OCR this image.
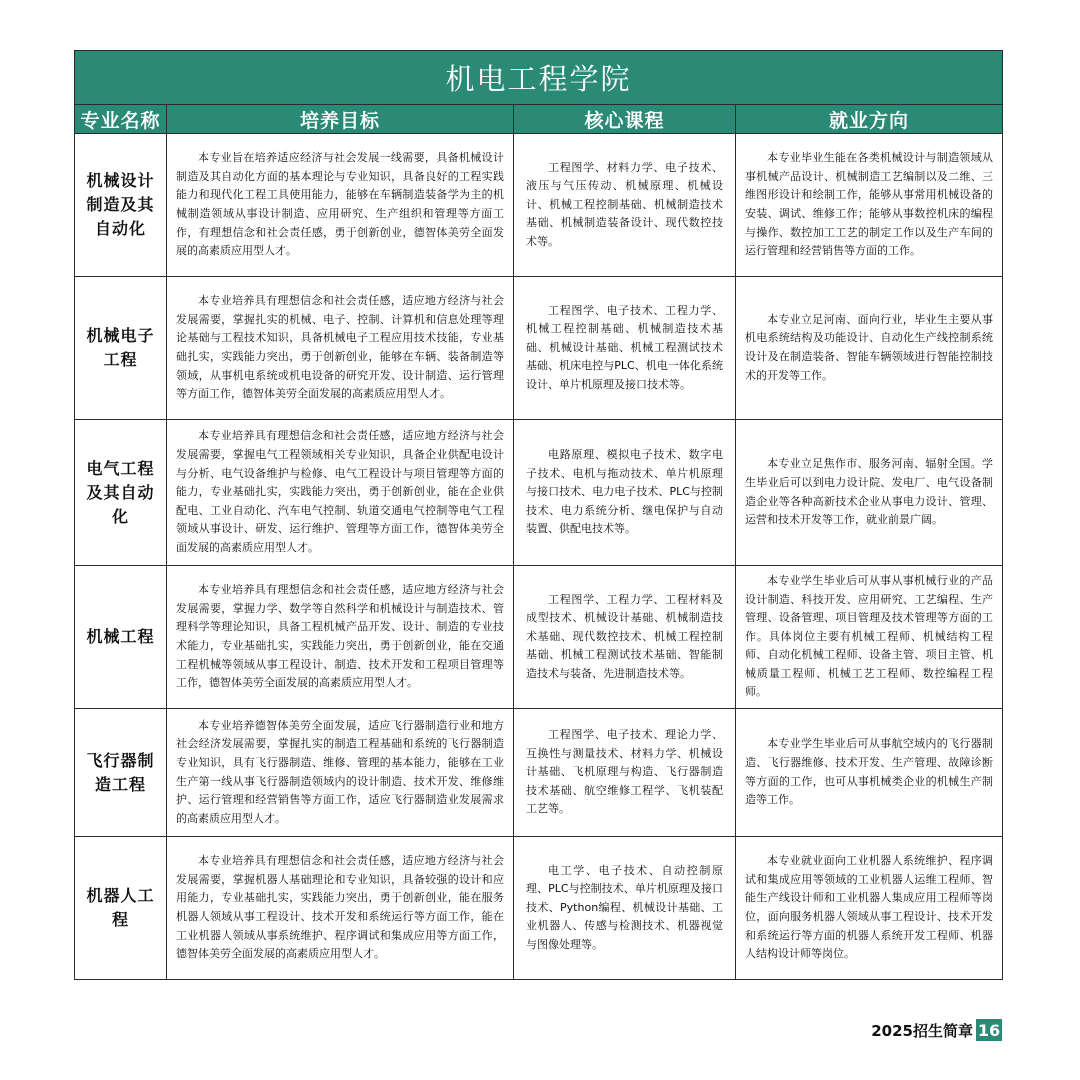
机电工程学院			
专业名称	培养目标	核心课程	就业方向
机械设计制造及其自动化	本专业旨在培养适应经济与社会发展一线需要，具备机械设计制造及其自动化方面的基本理论与专业知识，具备良好的工程实践能力和现代化工程工具使用能力，能够在车辆制造装备学为主的机械制造领域从事设计制造、应用研究、生产组织和管理等方面工作，有理想信念和社会责任感，勇于创新创业，德智体美劳全面发展的高素质应用型人才。	工程图学、材料力学、电子技术、液压与气压传动、机械原理、机械设计、机械工程控制基础、机械制造技术基础、机械制造装备设计、现代数控技术等。	本专业毕业生能在各类机械设计与制造领域从事机械产品设计、机械制造工艺编制以及二维、三维图形设计和绘制工作，能够从事常用机械设备的安装、调试、维修工作；能够从事数控机床的编程与操作、数控加工工艺的制定工作以及生产车间的运行管理和经营销售等方面的工作。

机械电子工程	本专业培养具有理想信念和社会责任感，适应地方经济与社会发展需要，掌握扎实的机械、电子、控制、计算机和信息处理等理论基础与工程技术知识，具备机械电子工程应用技术技能，专业基础扎实，实践能力突出，勇于创新创业，能够在车辆、装备制造等领域，从事机电系统或机电设备的研究开发、设计制造、运行管理等方面工作，德智体美劳全面发展的高素质应用型人才。	工程图学、电子技术、工程力学、机械工程控制基础、机械制造技术基础、机械设计基础、机械工程测试技术基础、机床电控与PLC、机电一体化系统设计、单片机原理及接口技术等。	本专业立足河南、面向行业，毕业生主要从事机电系统结构及功能设计、自动化生产线控制系统设计及在制造装备、智能车辆领域进行智能控制技术的开发等工作。

电气工程及其自动化	本专业培养具有理想信念和社会责任感，适应地方经济与社会发展需要，掌握电气工程领域相关专业知识，具备企业供配电设计与分析、电气设备维护与检修、电气工程设计与项目管理等方面的能力，专业基础扎实，实践能力突出，勇于创新创业，能在企业供配电、工业自动化、汽车电气控制、轨道交通电气控制等电气工程领域从事设计、研发、运行维护、管理等方面工作，德智体美劳全面发展的高素质应用型人才。	电路原理、模拟电子技术、数字电子技术、电机与拖动技术、单片机原理与接口技术、电力电子技术、PLC与控制技术、电力系统分析、继电保护与自动装置、供配电技术等。	本专业立足焦作市、服务河南、辐射全国。学生毕业后可以到电力设计院、发电厂、电气设备制造企业等各种高新技术企业从事电力设计、管理、运营和技术开发等工作，就业前景广阔。

机械工程	本专业培养具有理想信念和社会责任感，适应地方经济与社会发展需要，掌握力学、数学等自然科学和机械设计与制造技术、管理科学等理论知识，具备工程机械产品开发、设计、制造的专业技术能力，专业基础扎实，实践能力突出，勇于创新创业，能在交通工程机械等领域从事工程设计、制造、技术开发和工程项目管理等工作，德智体美劳全面发展的高素质应用型人才。	工程图学、工程力学、工程材料及成型技术、机械设计基础、机械制造技术基础、现代数控技术、机械工程控制基础、机械工程测试技术基础、智能制造技术与装备、先进制造技术等。	本专业学生毕业后可从事从事机械行业的产品设计制造、科技开发、应用研究、工艺编程、生产管理、设备管理、项目管理及技术管理等方面的工作。具体岗位主要有机械工程师、机械结构工程师、自动化机械工程师、设备主管、项目主管、机械质量工程师、机械工艺工程师、数控编程工程师。

飞行器制造工程	本专业培养德智体美劳全面发展，适应飞行器制造行业和地方社会经济发展需要，掌握扎实的制造工程基础和系统的飞行器制造专业知识，具有飞行器制造、维修、管理的基本能力，能够在工业生产第一线从事飞行器制造领域内的设计制造、技术开发、维修维护、运行管理和经营销售等方面工作，适应飞行器制造业发展需求的高素质应用型人才。	工程图学、电子技术、理论力学、互换性与测量技术、材料力学、机械设计基础、飞机原理与构造、飞行器制造技术基础、航空维修工程学、飞机装配工艺等。	本专业学生毕业后可从事航空域内的飞行器制造、飞行器维修、技术开发、生产管理、故障诊断等方面的工作，也可从事机械类企业的机械生产制造等工作。

机器人工程	本专业培养具有理想信念和社会责任感，适应地方经济与社会发展需要，掌握机器人基础理论和专业知识，具备较强的设计和应用能力，专业基础扎实，实践能力突出，勇于创新创业，能在服务机器人领域从事工程设计、技术开发和系统运行等方面工作，能在工业机器人领域从事系统维护、程序调试和集成应用等方面工作，德智体美劳全面发展的高素质应用型人才。	电工学、电子技术、自动控制原理、PLC与控制技术、单片机原理及接口技术、Python编程、机械设计基础、工业机器人、传感与检测技术、机器视觉与图像处理等。	本专业就业面向工业机器人系统维护、程序调试和集成应用等领域的工业机器人运维工程师、智能生产线设计师和工业机器人集成应用工程师等岗位，面向服务机器人领域从事工程设计、技术开发和系统运行等方面的机器人系统开发工程师、机器人结构设计师等岗位。
2025招生简章 16
